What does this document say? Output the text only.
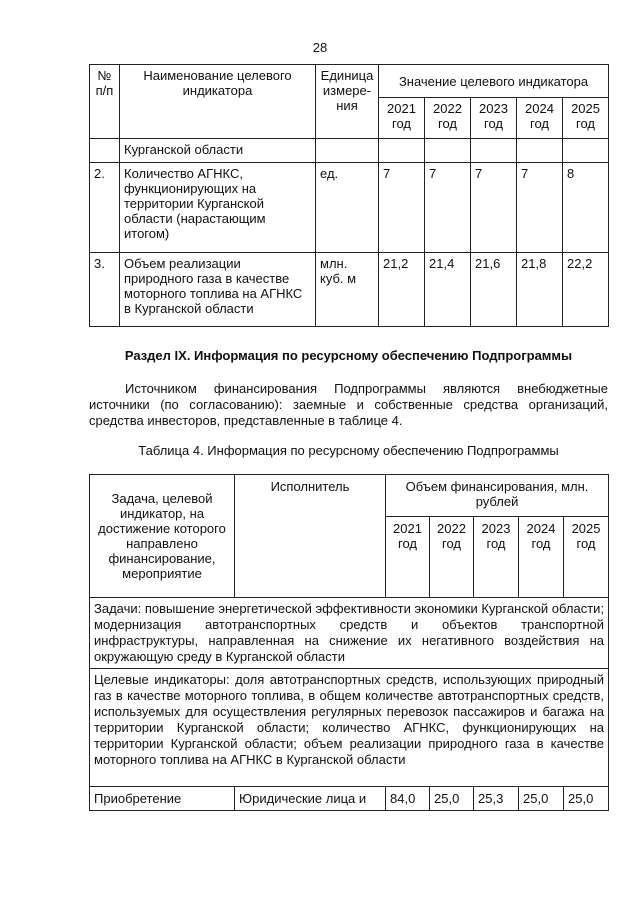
28
№ п/п	Наименование целевого индикатора	Единица измере-ния	Значение целевого индикатора				
			2021 год	2022 год	2023 год	2024 год	2025 год
	Курганской области						
2.	Количество АГНКС, функционирующих на территории Курганской области (нарастающим итогом)	ед.	7	7	7	7	8
3.	Объем реализации природного газа в качестве моторного топлива на АГНКС в Курганской области	млн. куб. м	21,2	21,4	21,6	21,8	22,2
Раздел IX. Информация по ресурсному обеспечению Подпрограммы
Источником финансирования Подпрограммы являются внебюджетные источники (по согласованию): заемные и собственные средства организаций, средства инвесторов, представленные в таблице 4.
Таблица 4. Информация по ресурсному обеспечению Подпрограммы
Задача, целевой индикатор, на достижение которого направлено финансирование, мероприятие	Исполнитель	Объем финансирования, млн. рублей				
		2021 год	2022 год	2023 год	2024 год	2025 год
Задачи: повышение энергетической эффективности экономики Курганской области; модернизация автотранспортных средств и объектов транспортной инфраструктуры, направленная на снижение их негативного воздействия на окружающую среду в Курганской области						
Целевые индикаторы: доля автотранспортных средств, использующих природный газ в качестве моторного топлива, в общем количестве автотранспортных средств, используемых для осуществления регулярных перевозок пассажиров и багажа на территории Курганской области; количество АГНКС, функционирующих на территории Курганской области; объем реализации природного газа в качестве моторного топлива на АГНКС в Курганской области						
Приобретение	Юридические лица и	84,0	25,0	25,3	25,0	25,0
